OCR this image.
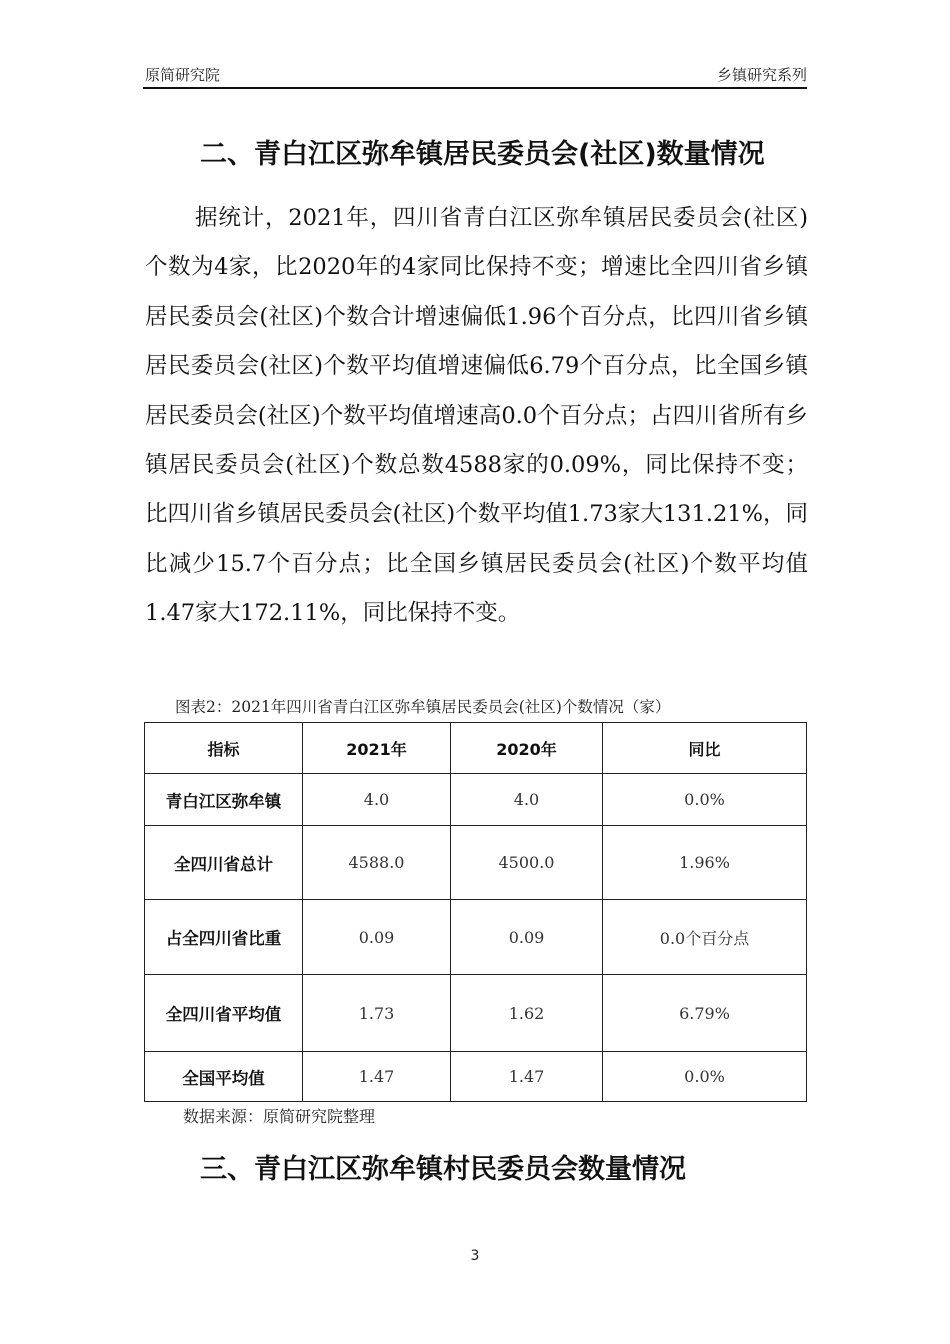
原简研究院	乡镇研究系列
二、青白江区弥牟镇居民委员会(社区)数量情况

据统计，2021年，四川省青白江区弥牟镇居民委员会(社区)个数为4家，比2020年的4家同比保持不变；增速比全四川省乡镇居民委员会(社区)个数合计增速偏低1.96个百分点，比四川省乡镇居民委员会(社区)个数平均值增速偏低6.79个百分点，比全国乡镇居民委员会(社区)个数平均值增速高0.0个百分点；占四川省所有乡镇居民委员会(社区)个数总数4588家的0.09%，同比保持不变；比四川省乡镇居民委员会(社区)个数平均值1.73家大131.21%，同比减少15.7个百分点；比全国乡镇居民委员会(社区)个数平均值1.47家大172.11%，同比保持不变。

图表2：2021年四川省青白江区弥牟镇居民委员会(社区)个数情况（家）
指标	2021年	2020年	同比
青白江区弥牟镇	4.0	4.0	0.0%
全四川省总计	4588.0	4500.0	1.96%
占全四川省比重	0.09	0.09	0.0个百分点
全四川省平均值	1.73	1.62	6.79%
全国平均值	1.47	1.47	0.0%
数据来源：原简研究院整理
三、青白江区弥牟镇村民委员会数量情况
3
